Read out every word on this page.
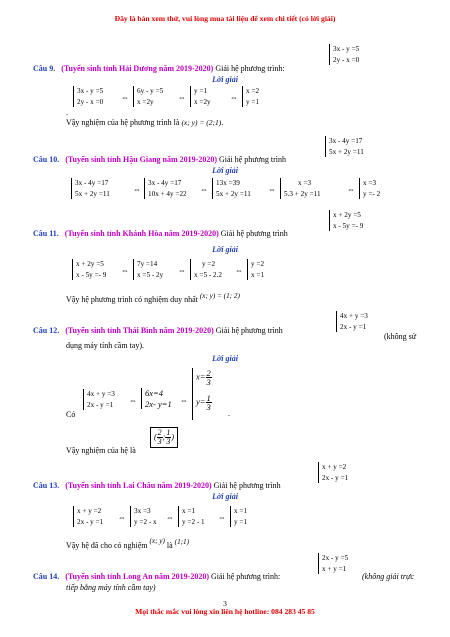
Đây là bản xem thử, vui lòng mua tài liệu để xem chi tiết (có lời giải)
3x - y =5
2y - x =0
Câu 9. (Tuyển sinh tỉnh Hải Dương năm 2019-2020) Giải hệ phương trình:
Lời giải
3x - y =5
2y - x =0 ⇔
6y - y =5
x =2y	⇔
y =1
x =2y ⇔
x =2
y =1
.
Vậy nghiệm của hệ phương trình là (x; y) = (2;1).
3x - 4y =17
5x + 2y =11
Câu 10. (Tuyển sinh tỉnh Hậu Giang năm 2019-2020) Giải hệ phương trình
Lời giải
3x - 4y =17
5x + 2y =11	⇔
3x - 4y =17
10x + 4y =22 ⇔
13x =39
5x + 2y =11 ⇔
x =3
5.3 + 2y =11	⇔
x =3
y =- 2
x + 2y =5
x - 5y =- 9
Câu 11. (Tuyển sinh tỉnh Khánh Hòa năm 2019-2020) Giải hệ phương trình
Lời giải
x + 2y =5
x - 5y =- 9 ⇔
7y =14
x =5 - 2y ⇔
y =2
x =5 - 2.2 ⇔
y =2
x =1
Vậy hệ phương trình có nghiệm duy nhất (x; y) = (1; 2)
4x + y =3
2x - y =1
Câu 12. (Tuyển sinh tỉnh Thái Bình năm 2019-2020) Giải hệ phương trình
(không sử
dụng máy tính cầm tay).
Lời giải
Có
4x + y =3
2x - y =1 ⇔
6x=4
2x- y=1 ⇔
$x= \frac{2}{3}$
$y= \frac{1}{3}$
.
Vậy nghiệm của hệ là
( $\frac{2}{3}$ ; $\frac{1}{3}$ )
x + y =2
2x - y =1
Câu 13. (Tuyển sinh tỉnh Lai Châu năm 2019-2020) Giải hệ phương trình
Lời giải
x + y =2
2x - y =1 ⇔
3x =3
y =2 - x ⇔
x =1
y =2 - 1 ⇔
x =1
y =1
Vậy hệ đã cho có nghiệm (x; y) là (1;1)
2x - y =5
x + y =1
Câu 14. (Tuyển sinh tỉnh Long An năm 2019-2020) Giải hệ phương trình:	(không giải trực
tiếp bằng máy tính cầm tay)
3
Mọi thắc mắc vui lòng xin liên hệ hotline: 084 283 45 85
